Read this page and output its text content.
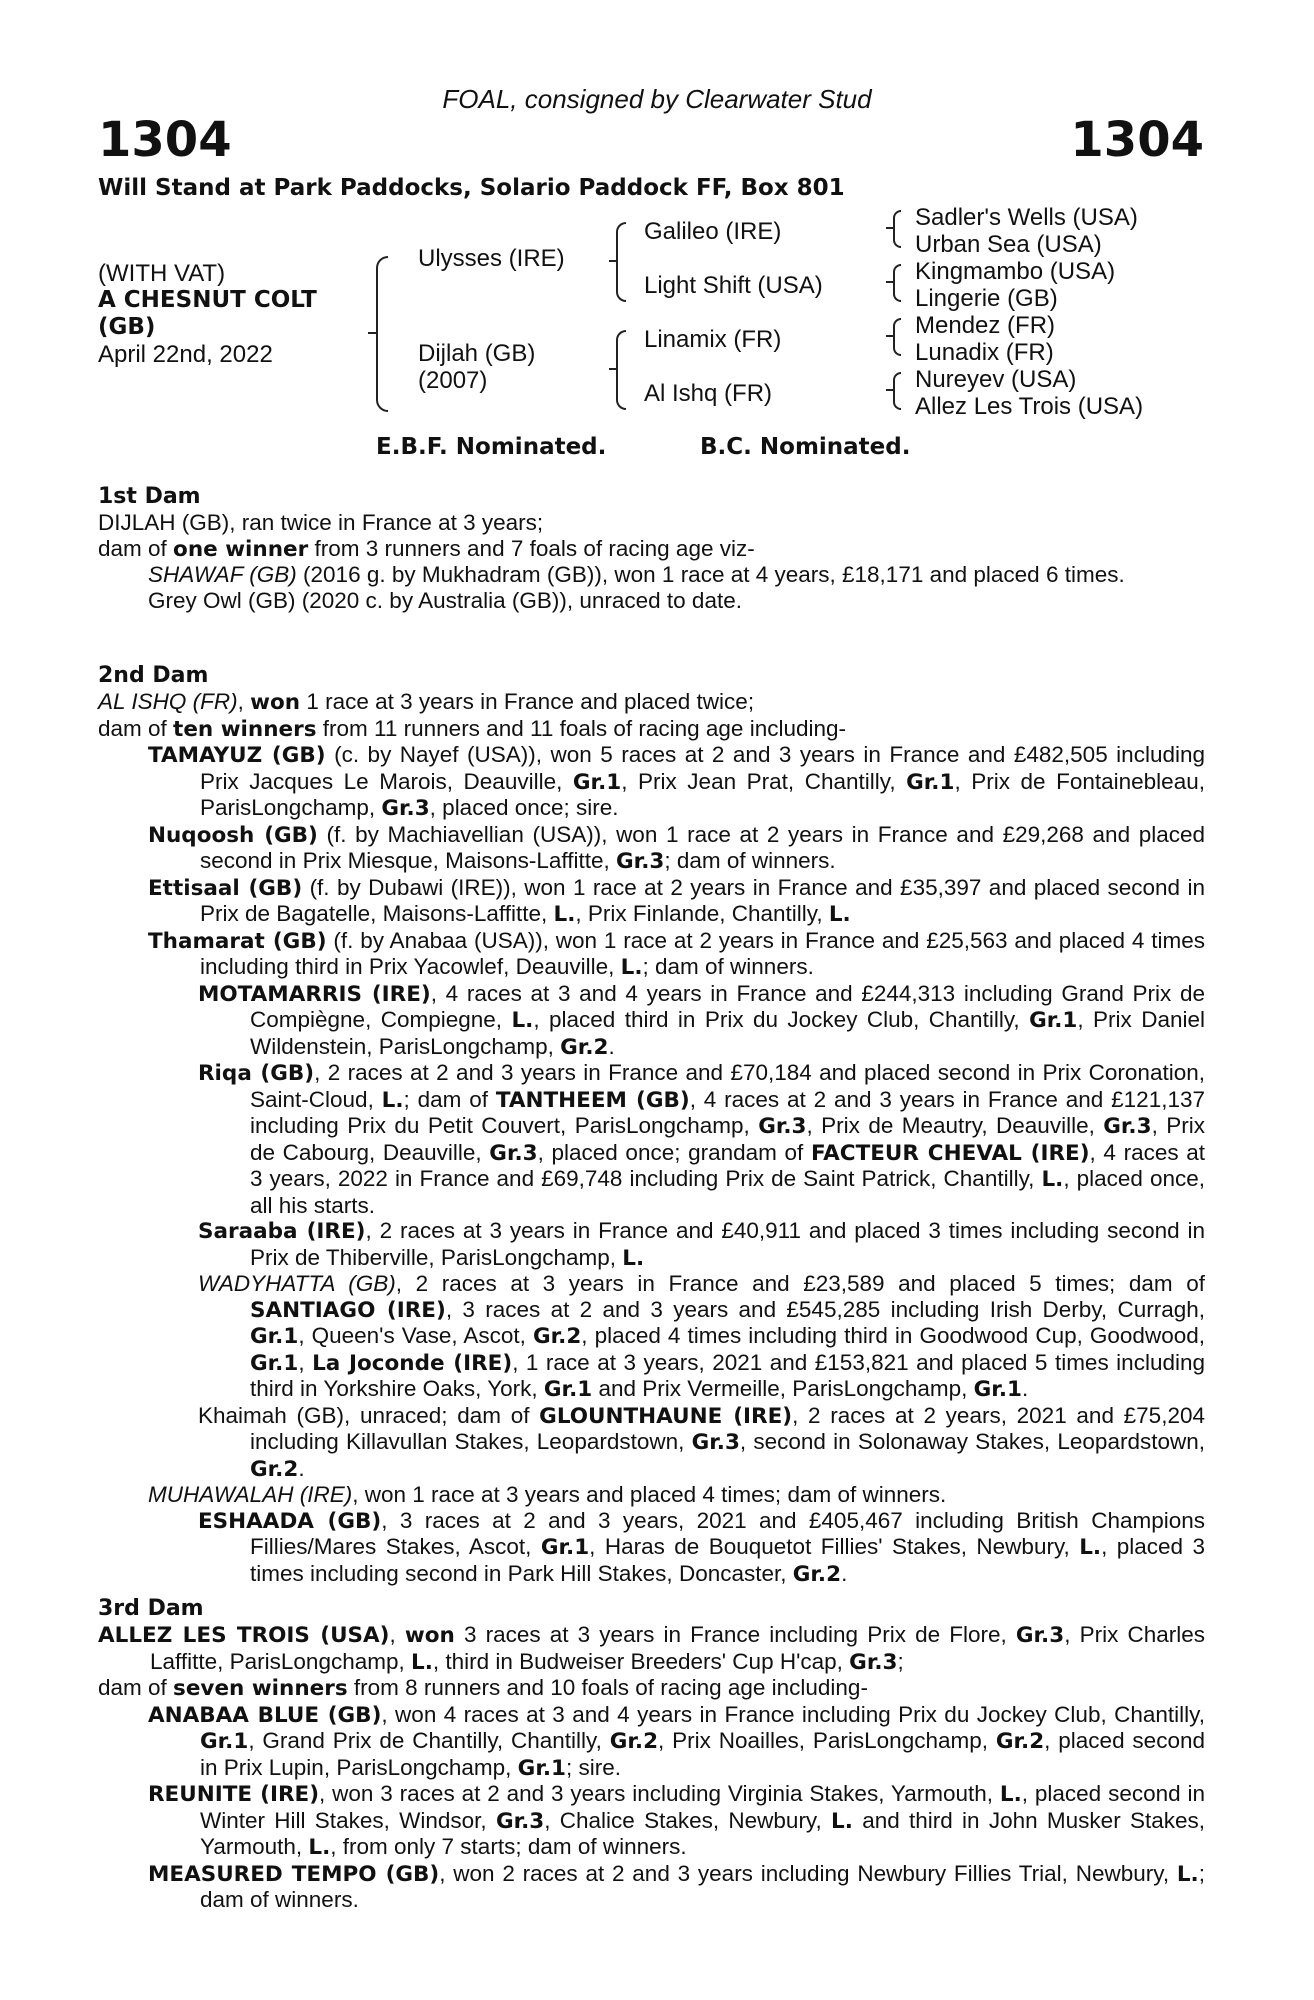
FOAL, consigned by Clearwater Stud
1304	1304
Will Stand at Park Paddocks, Solario Paddock FF, Box 801
(WITH VAT)
A CHESNUT COLT
(GB)
April 22nd, 2022
Ulysses (IRE)
Dijlah (GB)
(2007)
Galileo (IRE)
Light Shift (USA)
Linamix (FR)
Al Ishq (FR)
Sadler's Wells (USA)
Urban Sea (USA)
Kingmambo (USA)
Lingerie (GB)
Mendez (FR)
Lunadix (FR)
Nureyev (USA)
Allez Les Trois (USA)
E.B.F. Nominated.	B.C. Nominated.
1st Dam
DIJLAH (GB), ran twice in France at 3 years;
dam of one winner from 3 runners and 7 foals of racing age viz-
SHAWAF (GB) (2016 g. by Mukhadram (GB)), won 1 race at 4 years, £18,171 and placed 6 times.
Grey Owl (GB) (2020 c. by Australia (GB)), unraced to date.
2nd Dam
AL ISHQ (FR), won 1 race at 3 years in France and placed twice;
dam of ten winners from 11 runners and 11 foals of racing age including-
TAMAYUZ (GB) (c. by Nayef (USA)), won 5 races at 2 and 3 years in France and £482,505 including Prix Jacques Le Marois, Deauville, Gr.1, Prix Jean Prat, Chantilly, Gr.1, Prix de Fontainebleau, ParisLongchamp, Gr.3, placed once; sire.
Nuqoosh (GB) (f. by Machiavellian (USA)), won 1 race at 2 years in France and £29,268 and placed second in Prix Miesque, Maisons-Laffitte, Gr.3; dam of winners.
Ettisaal (GB) (f. by Dubawi (IRE)), won 1 race at 2 years in France and £35,397 and placed second in Prix de Bagatelle, Maisons-Laffitte, L., Prix Finlande, Chantilly, L.
Thamarat (GB) (f. by Anabaa (USA)), won 1 race at 2 years in France and £25,563 and placed 4 times including third in Prix Yacowlef, Deauville, L.; dam of winners.
MOTAMARRIS (IRE), 4 races at 3 and 4 years in France and £244,313 including Grand Prix de Compiègne, Compiegne, L., placed third in Prix du Jockey Club, Chantilly, Gr.1, Prix Daniel Wildenstein, ParisLongchamp, Gr.2.
Riqa (GB), 2 races at 2 and 3 years in France and £70,184 and placed second in Prix Coronation, Saint-Cloud, L.; dam of TANTHEEM (GB), 4 races at 2 and 3 years in France and £121,137 including Prix du Petit Couvert, ParisLongchamp, Gr.3, Prix de Meautry, Deauville, Gr.3, Prix de Cabourg, Deauville, Gr.3, placed once; grandam of FACTEUR CHEVAL (IRE), 4 races at 3 years, 2022 in France and £69,748 including Prix de Saint Patrick, Chantilly, L., placed once, all his starts.
Saraaba (IRE), 2 races at 3 years in France and £40,911 and placed 3 times including second in Prix de Thiberville, ParisLongchamp, L.
WADYHATTA (GB), 2 races at 3 years in France and £23,589 and placed 5 times; dam of SANTIAGO (IRE), 3 races at 2 and 3 years and £545,285 including Irish Derby, Curragh, Gr.1, Queen's Vase, Ascot, Gr.2, placed 4 times including third in Goodwood Cup, Goodwood, Gr.1, La Joconde (IRE), 1 race at 3 years, 2021 and £153,821 and placed 5 times including third in Yorkshire Oaks, York, Gr.1 and Prix Vermeille, ParisLongchamp, Gr.1.
Khaimah (GB), unraced; dam of GLOUNTHAUNE (IRE), 2 races at 2 years, 2021 and £75,204 including Killavullan Stakes, Leopardstown, Gr.3, second in Solonaway Stakes, Leopardstown, Gr.2.
MUHAWALAH (IRE), won 1 race at 3 years and placed 4 times; dam of winners.
ESHAADA (GB), 3 races at 2 and 3 years, 2021 and £405,467 including British Champions Fillies/Mares Stakes, Ascot, Gr.1, Haras de Bouquetot Fillies' Stakes, Newbury, L., placed 3 times including second in Park Hill Stakes, Doncaster, Gr.2.
3rd Dam
ALLEZ LES TROIS (USA), won 3 races at 3 years in France including Prix de Flore, Gr.3, Prix Charles Laffitte, ParisLongchamp, L., third in Budweiser Breeders' Cup H'cap, Gr.3;
dam of seven winners from 8 runners and 10 foals of racing age including-
ANABAA BLUE (GB), won 4 races at 3 and 4 years in France including Prix du Jockey Club, Chantilly, Gr.1, Grand Prix de Chantilly, Chantilly, Gr.2, Prix Noailles, ParisLongchamp, Gr.2, placed second in Prix Lupin, ParisLongchamp, Gr.1; sire.
REUNITE (IRE), won 3 races at 2 and 3 years including Virginia Stakes, Yarmouth, L., placed second in Winter Hill Stakes, Windsor, Gr.3, Chalice Stakes, Newbury, L. and third in John Musker Stakes, Yarmouth, L., from only 7 starts; dam of winners.
MEASURED TEMPO (GB), won 2 races at 2 and 3 years including Newbury Fillies Trial, Newbury, L.; dam of winners.
